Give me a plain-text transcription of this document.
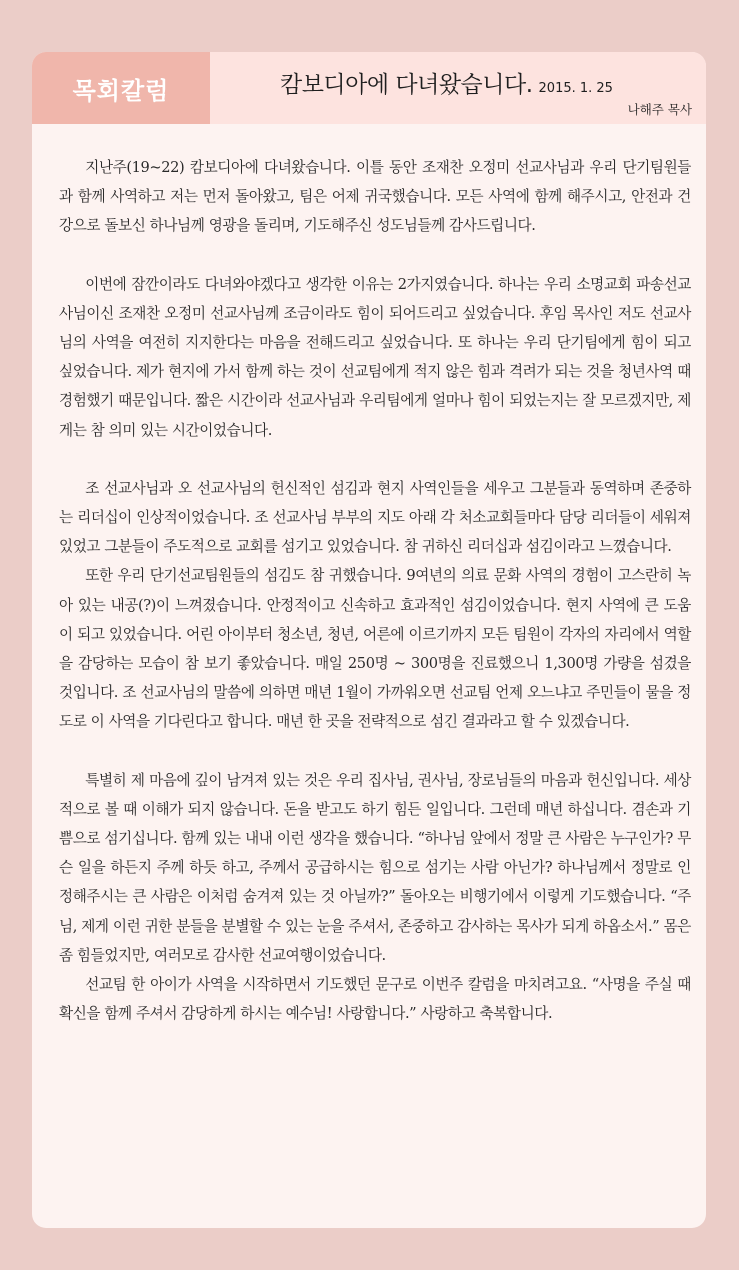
목회칼럼	캄보디아에 다녀왔습니다. 2015. 1. 25
나해주 목사

지난주(19~22) 캄보디아에 다녀왔습니다. 이틀 동안 조재찬 오정미 선교사님과 우리 단기팀원들과 함께 사역하고 저는 먼저 돌아왔고, 팀은 어제 귀국했습니다. 모든 사역에 함께 해주시고, 안전과 건강으로 돌보신 하나님께 영광을 돌리며, 기도해주신 성도님들께 감사드립니다.

이번에 잠깐이라도 다녀와야겠다고 생각한 이유는 2가지였습니다. 하나는 우리 소명교회 파송선교사님이신 조재찬 오정미 선교사님께 조금이라도 힘이 되어드리고 싶었습니다. 후임 목사인 저도 선교사님의 사역을 여전히 지지한다는 마음을 전해드리고 싶었습니다. 또 하나는 우리 단기팀에게 힘이 되고 싶었습니다. 제가 현지에 가서 함께 하는 것이 선교팀에게 적지 않은 힘과 격려가 되는 것을 청년사역 때 경험했기 때문입니다. 짧은 시간이라 선교사님과 우리팀에게 얼마나 힘이 되었는지는 잘 모르겠지만, 제게는 참 의미 있는 시간이었습니다.

조 선교사님과 오 선교사님의 헌신적인 섬김과 현지 사역인들을 세우고 그분들과 동역하며 존중하는 리더십이 인상적이었습니다. 조 선교사님 부부의 지도 아래 각 처소교회들마다 담당 리더들이 세워져 있었고 그분들이 주도적으로 교회를 섬기고 있었습니다. 참 귀하신 리더십과 섬김이라고 느꼈습니다.

또한 우리 단기선교팀원들의 섬김도 참 귀했습니다. 9여년의 의료 문화 사역의 경험이 고스란히 녹아 있는 내공(?)이 느껴졌습니다. 안정적이고 신속하고 효과적인 섬김이었습니다. 현지 사역에 큰 도움이 되고 있었습니다. 어린 아이부터 청소년, 청년, 어른에 이르기까지 모든 팀원이 각자의 자리에서 역할을 감당하는 모습이 참 보기 좋았습니다. 매일 250명 ~ 300명을 진료했으니 1,300명 가량을 섬겼을 것입니다. 조 선교사님의 말씀에 의하면 매년 1월이 가까워오면 선교팀 언제 오느냐고 주민들이 물을 정도로 이 사역을 기다린다고 합니다. 매년 한 곳을 전략적으로 섬긴 결과라고 할 수 있겠습니다.

특별히 제 마음에 깊이 남겨져 있는 것은 우리 집사님, 권사님, 장로님들의 마음과 헌신입니다. 세상적으로 볼 때 이해가 되지 않습니다. 돈을 받고도 하기 힘든 일입니다. 그런데 매년 하십니다. 겸손과 기쁨으로 섬기십니다. 함께 있는 내내 이런 생각을 했습니다. “하나님 앞에서 정말 큰 사람은 누구인가? 무슨 일을 하든지 주께 하듯 하고, 주께서 공급하시는 힘으로 섬기는 사람 아닌가? 하나님께서 정말로 인정해주시는 큰 사람은 이처럼 숨겨져 있는 것 아닐까?” 돌아오는 비행기에서 이렇게 기도했습니다. “주님, 제게 이런 귀한 분들을 분별할 수 있는 눈을 주셔서, 존중하고 감사하는 목사가 되게 하옵소서.” 몸은 좀 힘들었지만, 여러모로 감사한 선교여행이었습니다.

선교팀 한 아이가 사역을 시작하면서 기도했던 문구로 이번주 칼럼을 마치려고요. “사명을 주실 때 확신을 함께 주셔서 감당하게 하시는 예수님! 사랑합니다.” 사랑하고 축복합니다.
